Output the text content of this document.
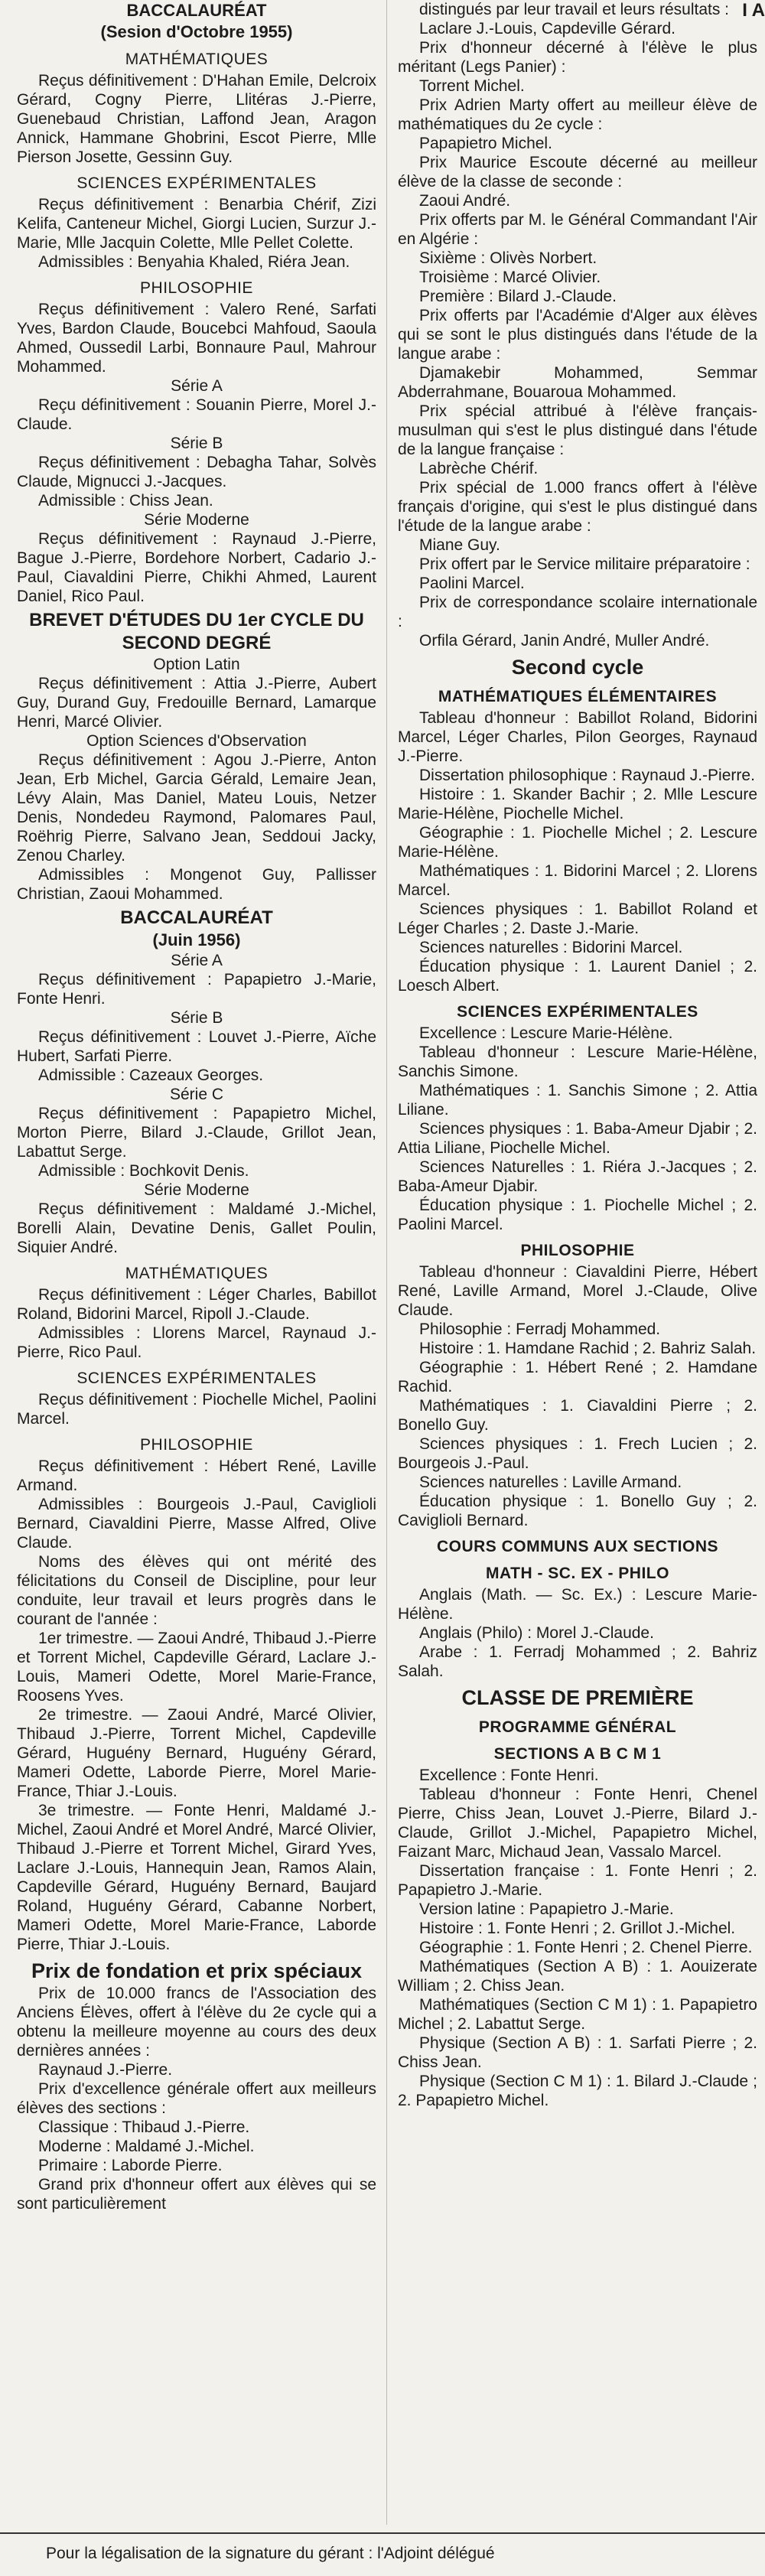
I A
BACCALAURÉAT
(Sesion d'Octobre 1955)
MATHÉMATIQUES

Reçus définitivement : D'Hahan Emile, Delcroix Gérard, Cogny Pierre, Llitéras J.-Pierre, Guenebaud Christian, Laffond Jean, Aragon Annick, Hammane Ghobrini, Escot Pierre, Mlle Pierson Josette, Gessinn Guy.

SCIENCES EXPÉRIMENTALES

Reçus définitivement : Benarbia Chérif, Zizi Kelifa, Canteneur Michel, Giorgi Lucien, Surzur J.-Marie, Mlle Jacquin Colette, Mlle Pellet Colette.

Admissibles : Benyahia Khaled, Riéra Jean.

PHILOSOPHIE

Reçus définitivement : Valero René, Sarfati Yves, Bardon Claude, Boucebci Mahfoud, Saoula Ahmed, Oussedil Larbi, Bonnaure Paul, Mahrour Mohammed.

Série A

Reçu définitivement : Souanin Pierre, Morel J.-Claude.

Série B

Reçus définitivement : Debagha Tahar, Solvès Claude, Mignucci J.-Jacques.

Admissible : Chiss Jean.

Série Moderne

Reçus définitivement : Raynaud J.-Pierre, Bague J.-Pierre, Bordehore Norbert, Cadario J.-Paul, Ciavaldini Pierre, Chikhi Ahmed, Laurent Daniel, Rico Paul.

BREVET D'ÉTUDES DU 1er CYCLE DU SECOND DEGRÉ
Option Latin

Reçus définitivement : Attia J.-Pierre, Aubert Guy, Durand Guy, Fredouille Bernard, Lamarque Henri, Marcé Olivier.

Option Sciences d'Observation

Reçus définitivement : Agou J.-Pierre, Anton Jean, Erb Michel, Garcia Gérald, Lemaire Jean, Lévy Alain, Mas Daniel, Mateu Louis, Netzer Denis, Nondedeu Raymond, Palomares Paul, Roëhrig Pierre, Salvano Jean, Seddoui Jacky, Zenou Charley.

Admissibles : Mongenot Guy, Pallisser Christian, Zaoui Mohammed.

BACCALAURÉAT
(Juin 1956)
Série A

Reçus définitivement : Papapietro J.-Marie, Fonte Henri.

Série B

Reçus définitivement : Louvet J.-Pierre, Aïche Hubert, Sarfati Pierre.

Admissible : Cazeaux Georges.

Série C

Reçus définitivement : Papapietro Michel, Morton Pierre, Bilard J.-Claude, Grillot Jean, Labattut Serge.

Admissible : Bochkovit Denis.

Série Moderne

Reçus définitivement : Maldamé J.-Michel, Borelli Alain, Devatine Denis, Gallet Poulin, Siquier André.

MATHÉMATIQUES

Reçus définitivement : Léger Charles, Babillot Roland, Bidorini Marcel, Ripoll J.-Claude.

Admissibles : Llorens Marcel, Raynaud J.-Pierre, Rico Paul.

SCIENCES EXPÉRIMENTALES

Reçus définitivement : Piochelle Michel, Paolini Marcel.

PHILOSOPHIE

Reçus définitivement : Hébert René, Laville Armand.

Admissibles : Bourgeois J.-Paul, Caviglioli Bernard, Ciavaldini Pierre, Masse Alfred, Olive Claude.

Noms des élèves qui ont mérité des félicitations du Conseil de Discipline, pour leur conduite, leur travail et leurs progrès dans le courant de l'année :

1er trimestre. — Zaoui André, Thibaud J.-Pierre et Torrent Michel, Capdeville Gérard, Laclare J.-Louis, Mameri Odette, Morel Marie-France, Roosens Yves.

2e trimestre. — Zaoui André, Marcé Olivier, Thibaud J.-Pierre, Torrent Michel, Capdeville Gérard, Huguény Bernard, Huguény Gérard, Mameri Odette, Laborde Pierre, Morel Marie-France, Thiar J.-Louis.

3e trimestre. — Fonte Henri, Maldamé J.-Michel, Zaoui André et Morel André, Marcé Olivier, Thibaud J.-Pierre et Torrent Michel, Girard Yves, Laclare J.-Louis, Hannequin Jean, Ramos Alain, Capdeville Gérard, Huguény Bernard, Baujard Roland, Huguény Gérard, Cabanne Norbert, Mameri Odette, Morel Marie-France, Laborde Pierre, Thiar J.-Louis.

Prix de fondation et prix spéciaux

Prix de 10.000 francs de l'Association des Anciens Élèves, offert à l'élève du 2e cycle qui a obtenu la meilleure moyenne au cours des deux dernières années :

Raynaud J.-Pierre.

Prix d'excellence générale offert aux meilleurs élèves des sections :

Classique : Thibaud J.-Pierre.

Moderne : Maldamé J.-Michel.

Primaire : Laborde Pierre.

Grand prix d'honneur offert aux élèves qui se sont particulièrement

distingués par leur travail et leurs résultats :

Laclare J.-Louis, Capdeville Gérard.

Prix d'honneur décerné à l'élève le plus méritant (Legs Panier) :

Torrent Michel.

Prix Adrien Marty offert au meilleur élève de mathématiques du 2e cycle :

Papapietro Michel.

Prix Maurice Escoute décerné au meilleur élève de la classe de seconde :

Zaoui André.

Prix offerts par M. le Général Commandant l'Air en Algérie :

Sixième : Olivès Norbert.

Troisième : Marcé Olivier.

Première : Bilard J.-Claude.

Prix offerts par l'Académie d'Alger aux élèves qui se sont le plus distingués dans l'étude de la langue arabe :

Djamakebir Mohammed, Semmar Abderrahmane, Bouaroua Mohammed.

Prix spécial attribué à l'élève français-musulman qui s'est le plus distingué dans l'étude de la langue française :

Labrèche Chérif.

Prix spécial de 1.000 francs offert à l'élève français d'origine, qui s'est le plus distingué dans l'étude de la langue arabe :

Miane Guy.

Prix offert par le Service militaire préparatoire :

Paolini Marcel.

Prix de correspondance scolaire internationale :

Orfila Gérard, Janin André, Muller André.

Second cycle
MATHÉMATIQUES ÉLÉMENTAIRES

Tableau d'honneur : Babillot Roland, Bidorini Marcel, Léger Charles, Pilon Georges, Raynaud J.-Pierre.

Dissertation philosophique : Raynaud J.-Pierre.

Histoire : 1. Skander Bachir ; 2. Mlle Lescure Marie-Hélène, Piochelle Michel.

Géographie : 1. Piochelle Michel ; 2. Lescure Marie-Hélène.

Mathématiques : 1. Bidorini Marcel ; 2. Llorens Marcel.

Sciences physiques : 1. Babillot Roland et Léger Charles ; 2. Daste J.-Marie.

Sciences naturelles : Bidorini Marcel.

Éducation physique : 1. Laurent Daniel ; 2. Loesch Albert.

SCIENCES EXPÉRIMENTALES

Excellence : Lescure Marie-Hélène.

Tableau d'honneur : Lescure Marie-Hélène, Sanchis Simone.

Mathématiques : 1. Sanchis Simone ; 2. Attia Liliane.

Sciences physiques : 1. Baba-Ameur Djabir ; 2. Attia Liliane, Piochelle Michel.

Sciences Naturelles : 1. Riéra J.-Jacques ; 2. Baba-Ameur Djabir.

Éducation physique : 1. Piochelle Michel ; 2. Paolini Marcel.

PHILOSOPHIE

Tableau d'honneur : Ciavaldini Pierre, Hébert René, Laville Armand, Morel J.-Claude, Olive Claude.

Philosophie : Ferradj Mohammed.

Histoire : 1. Hamdane Rachid ; 2. Bahriz Salah.

Géographie : 1. Hébert René ; 2. Hamdane Rachid.

Mathématiques : 1. Ciavaldini Pierre ; 2. Bonello Guy.

Sciences physiques : 1. Frech Lucien ; 2. Bourgeois J.-Paul.

Sciences naturelles : Laville Armand.

Éducation physique : 1. Bonello Guy ; 2. Caviglioli Bernard.

COURS COMMUNS AUX SECTIONS
MATH - SC. EX - PHILO

Anglais (Math. — Sc. Ex.) : Lescure Marie-Hélène.

Anglais (Philo) : Morel J.-Claude.

Arabe : 1. Ferradj Mohammed ; 2. Bahriz Salah.

CLASSE DE PREMIÈRE
PROGRAMME GÉNÉRAL
SECTIONS A B C M 1

Excellence : Fonte Henri.

Tableau d'honneur : Fonte Henri, Chenel Pierre, Chiss Jean, Louvet J.-Pierre, Bilard J.-Claude, Grillot J.-Michel, Papapietro Michel, Faizant Marc, Michaud Jean, Vassalo Marcel.

Dissertation française : 1. Fonte Henri ; 2. Papapietro J.-Marie.

Version latine : Papapietro J.-Marie.

Histoire : 1. Fonte Henri ; 2. Grillot J.-Michel.

Géographie : 1. Fonte Henri ; 2. Chenel Pierre.

Mathématiques (Section A B) : 1. Aouizerate William ; 2. Chiss Jean.

Mathématiques (Section C M 1) : 1. Papapietro Michel ; 2. Labattut Serge.

Physique (Section A B) : 1. Sarfati Pierre ; 2. Chiss Jean.

Physique (Section C M 1) : 1. Bilard J.-Claude ; 2. Papapietro Michel.

Pour la légalisation de la signature du gérant : l'Adjoint délégué
